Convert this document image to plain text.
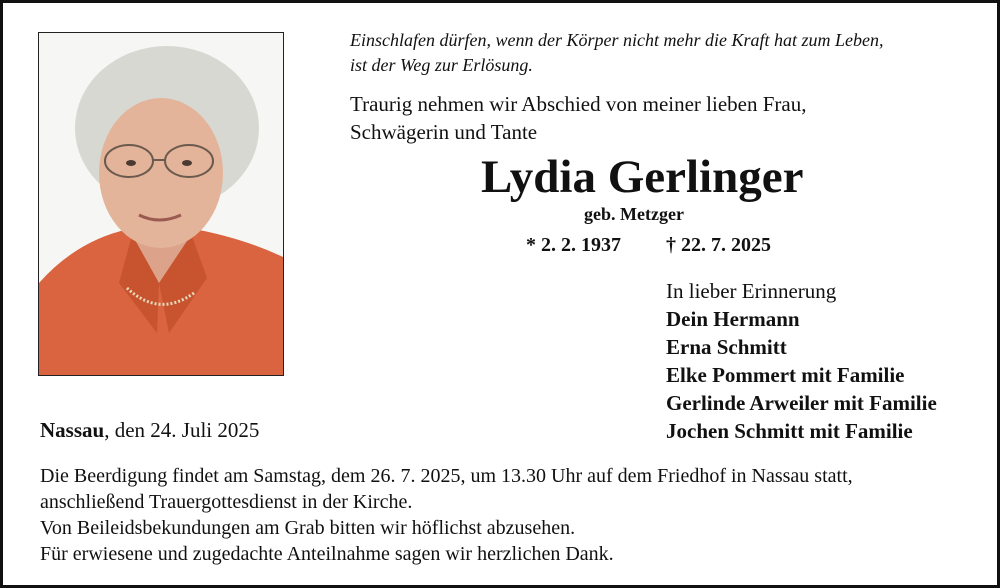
Einschlafen dürfen, wenn der Körper nicht mehr die Kraft hat zum Leben,
ist der Weg zur Erlösung.
Traurig nehmen wir Abschied von meiner lieben Frau,
Schwägerin und Tante
Lydia Gerlinger
geb. Metzger
* 2. 2. 1937 † 22. 7. 2025
In lieber Erinnerung
Dein Hermann
Erna Schmitt
Elke Pommert mit Familie
Gerlinde Arweiler mit Familie
Jochen Schmitt mit Familie
Nassau, den 24. Juli 2025
Die Beerdigung findet am Samstag, dem 26. 7. 2025, um 13.30 Uhr auf dem Friedhof in Nassau statt,
anschließend Trauergottesdienst in der Kirche.
Von Beileidsbekundungen am Grab bitten wir höflichst abzusehen.
Für erwiesene und zugedachte Anteilnahme sagen wir herzlichen Dank.
